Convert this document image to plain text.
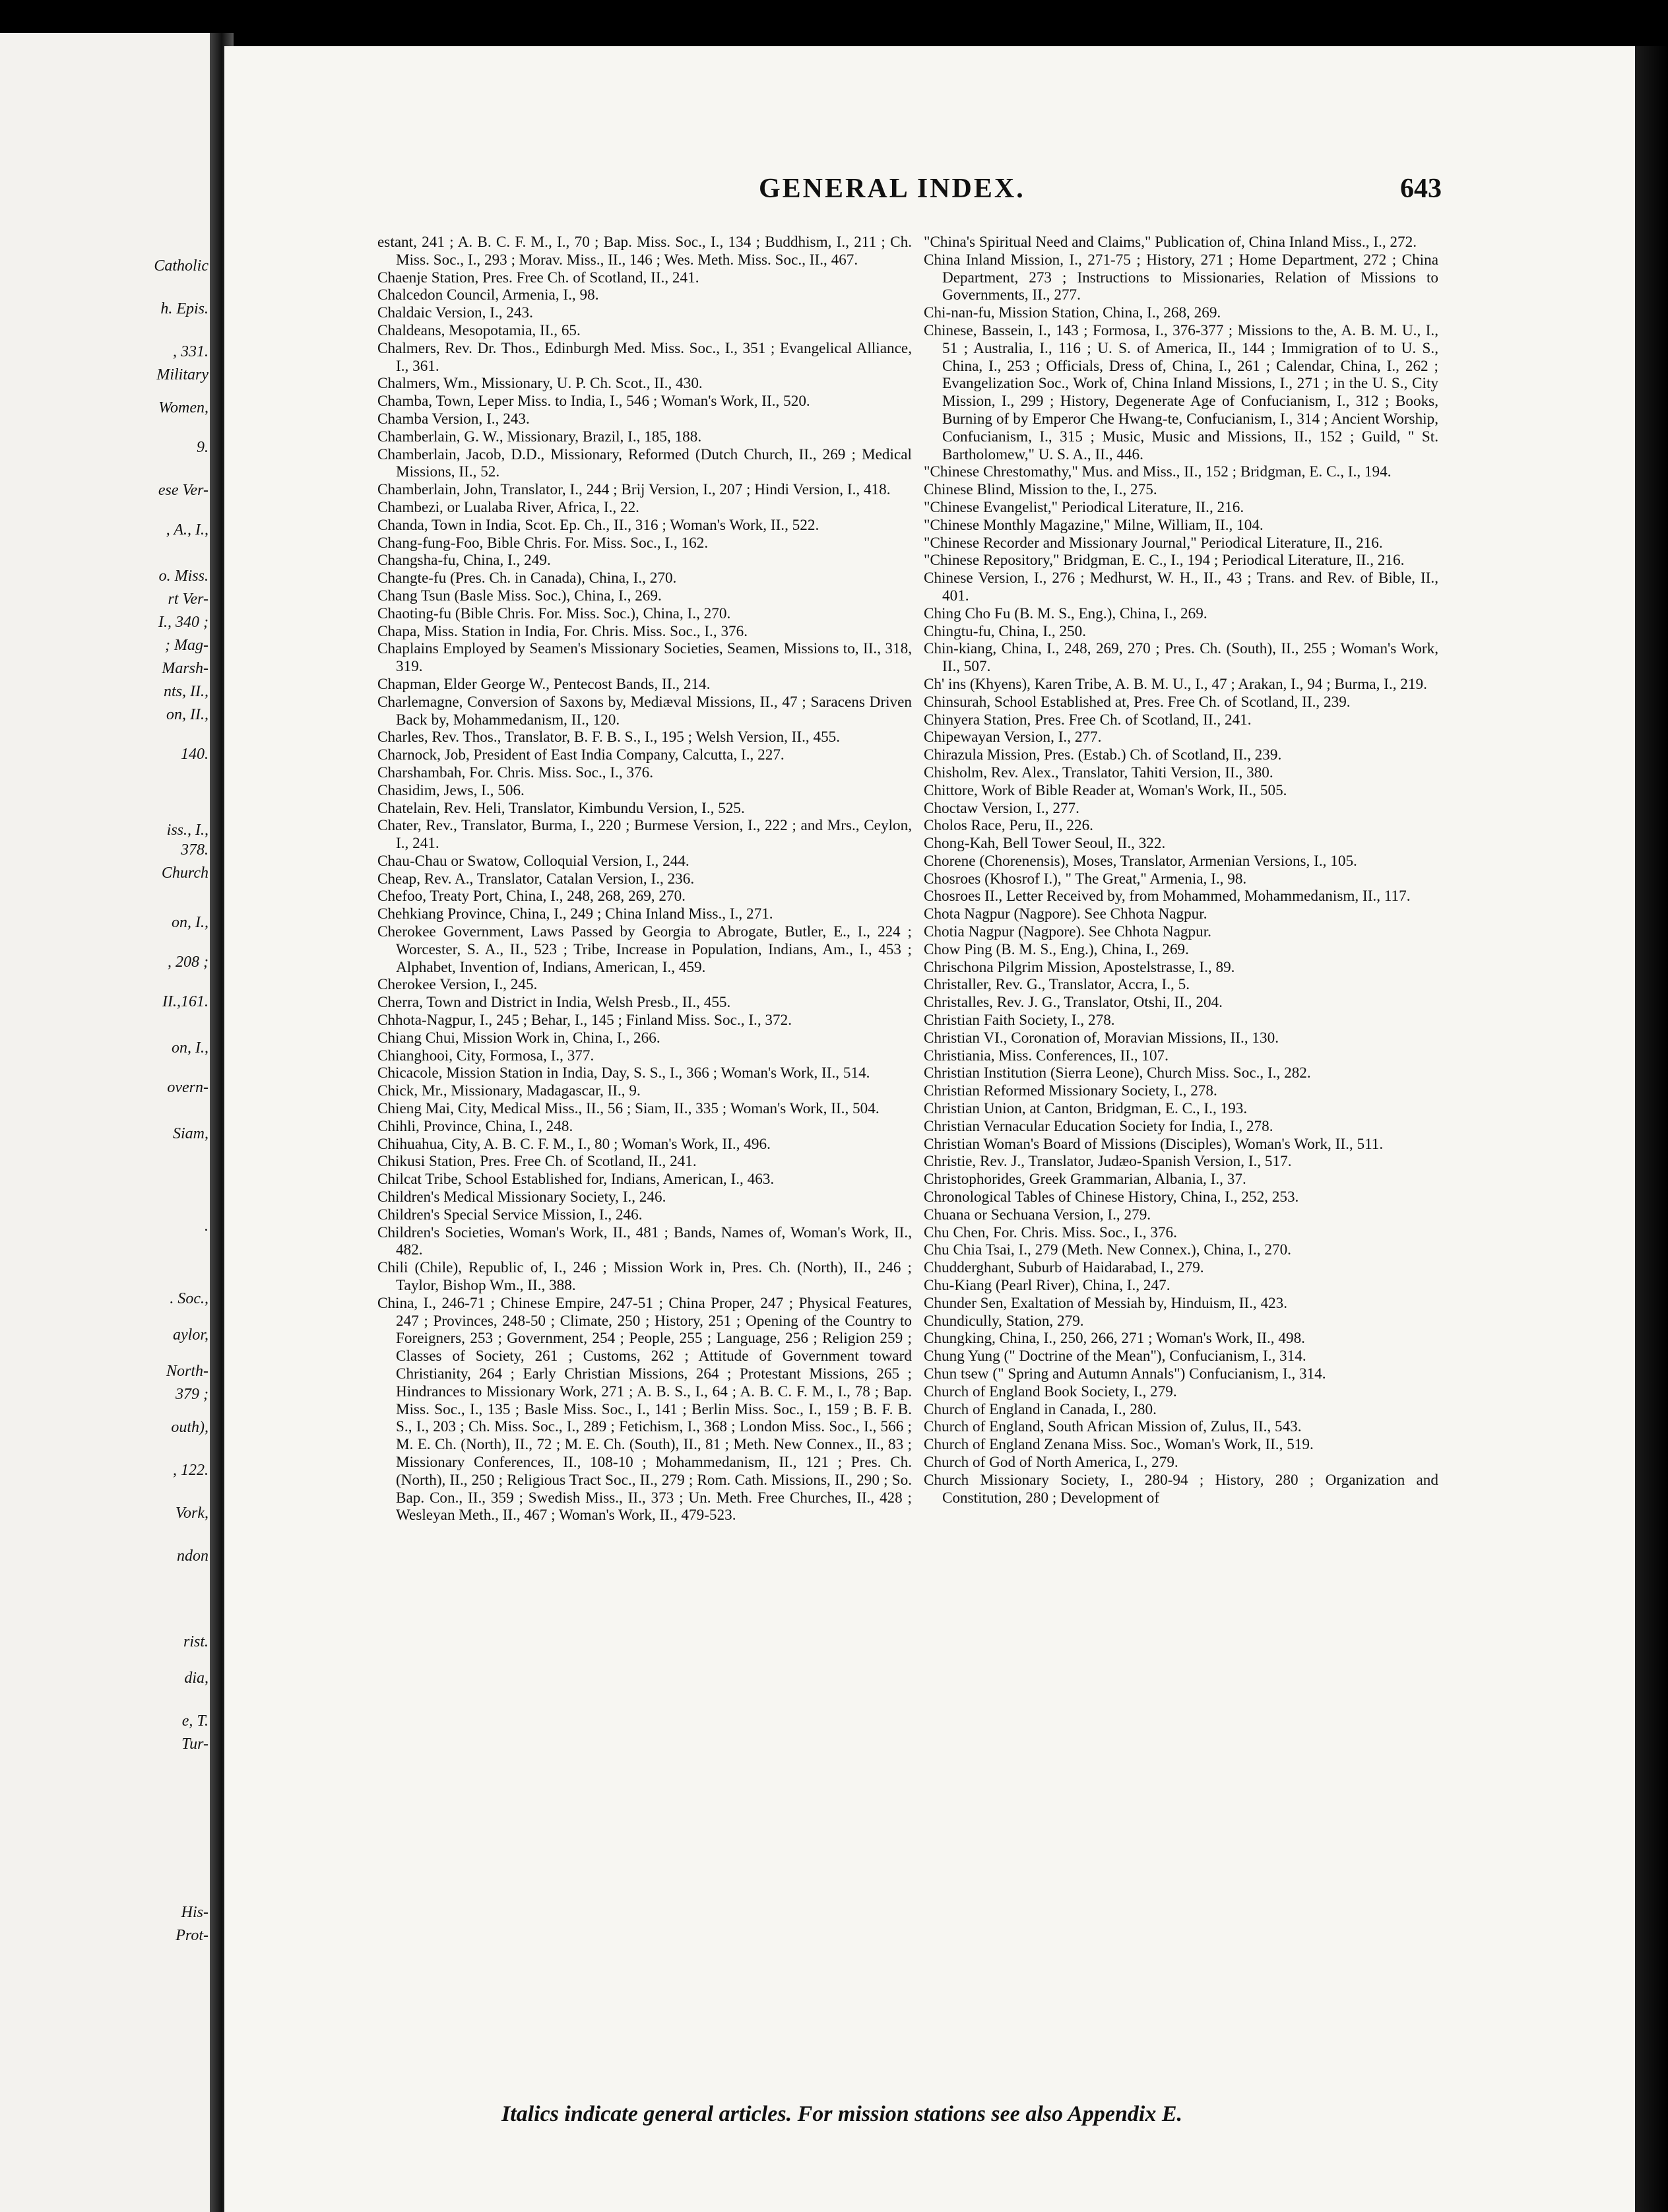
Catholic
h. Epis.
, 331.
Military
Women,
9.
ese Ver-
, A., I.,
o. Miss.
rt Ver-
I., 340 ;
; Mag-
Marsh-
nts, II.,
on, II.,
140.
iss., I.,
378.
Church
on, I.,
, 208 ;
II.,161.
on, I.,
overn-
Siam,
.
. Soc.,
aylor,
North-
379 ;
outh),
, 122.
Vork,
ndon
rist.
dia,
e, T.
Tur-
His-
Prot-
GENERAL INDEX.	643
estant, 241 ; A. B. C. F. M., I., 70 ; Bap. Miss. Soc., I., 134 ; Buddhism, I., 211 ; Ch. Miss. Soc., I., 293 ; Morav. Miss., II., 146 ; Wes. Meth. Miss. Soc., II., 467.
Chaenje Station, Pres. Free Ch. of Scotland, II., 241.
Chalcedon Council, Armenia, I., 98.
Chaldaic Version, I., 243.
Chaldeans, Mesopotamia, II., 65.
Chalmers, Rev. Dr. Thos., Edinburgh Med. Miss. Soc., I., 351 ; Evangelical Alliance, I., 361.
Chalmers, Wm., Missionary, U. P. Ch. Scot., II., 430.
Chamba, Town, Leper Miss. to India, I., 546 ; Woman's Work, II., 520.
Chamba Version, I., 243.
Chamberlain, G. W., Missionary, Brazil, I., 185, 188.
Chamberlain, Jacob, D.D., Missionary, Reformed (Dutch Church, II., 269 ; Medical Missions, II., 52.
Chamberlain, John, Translator, I., 244 ; Brij Version, I., 207 ; Hindi Version, I., 418.
Chambezi, or Lualaba River, Africa, I., 22.
Chanda, Town in India, Scot. Ep. Ch., II., 316 ; Woman's Work, II., 522.
Chang-fung-Foo, Bible Chris. For. Miss. Soc., I., 162.
Changsha-fu, China, I., 249.
Changte-fu (Pres. Ch. in Canada), China, I., 270.
Chang Tsun (Basle Miss. Soc.), China, I., 269.
Chaoting-fu (Bible Chris. For. Miss. Soc.), China, I., 270.
Chapa, Miss. Station in India, For. Chris. Miss. Soc., I., 376.
Chaplains Employed by Seamen's Missionary Societies, Seamen, Missions to, II., 318, 319.
Chapman, Elder George W., Pentecost Bands, II., 214.
Charlemagne, Conversion of Saxons by, Mediæval Missions, II., 47 ; Saracens Driven Back by, Mohammedanism, II., 120.
Charles, Rev. Thos., Translator, B. F. B. S., I., 195 ; Welsh Version, II., 455.
Charnock, Job, President of East India Company, Calcutta, I., 227.
Charshambah, For. Chris. Miss. Soc., I., 376.
Chasidim, Jews, I., 506.
Chatelain, Rev. Heli, Translator, Kimbundu Version, I., 525.
Chater, Rev., Translator, Burma, I., 220 ; Burmese Version, I., 222 ; and Mrs., Ceylon, I., 241.
Chau-Chau or Swatow, Colloquial Version, I., 244.
Cheap, Rev. A., Translator, Catalan Version, I., 236.
Chefoo, Treaty Port, China, I., 248, 268, 269, 270.
Chehkiang Province, China, I., 249 ; China Inland Miss., I., 271.
Cherokee Government, Laws Passed by Georgia to Abrogate, Butler, E., I., 224 ; Worcester, S. A., II., 523 ; Tribe, Increase in Population, Indians, Am., I., 453 ; Alphabet, Invention of, Indians, American, I., 459.
Cherokee Version, I., 245.
Cherra, Town and District in India, Welsh Presb., II., 455.
Chhota-Nagpur, I., 245 ; Behar, I., 145 ; Finland Miss. Soc., I., 372.
Chiang Chui, Mission Work in, China, I., 266.
Chianghooi, City, Formosa, I., 377.
Chicacole, Mission Station in India, Day, S. S., I., 366 ; Woman's Work, II., 514.
Chick, Mr., Missionary, Madagascar, II., 9.
Chieng Mai, City, Medical Miss., II., 56 ; Siam, II., 335 ; Woman's Work, II., 504.
Chihli, Province, China, I., 248.
Chihuahua, City, A. B. C. F. M., I., 80 ; Woman's Work, II., 496.
Chikusi Station, Pres. Free Ch. of Scotland, II., 241.
Chilcat Tribe, School Established for, Indians, American, I., 463.
Children's Medical Missionary Society, I., 246.
Children's Special Service Mission, I., 246.
Children's Societies, Woman's Work, II., 481 ; Bands, Names of, Woman's Work, II., 482.
Chili (Chile), Republic of, I., 246 ; Mission Work in, Pres. Ch. (North), II., 246 ; Taylor, Bishop Wm., II., 388.
China, I., 246-71 ; Chinese Empire, 247-51 ; China Proper, 247 ; Physical Features, 247 ; Provinces, 248-50 ; Climate, 250 ; History, 251 ; Opening of the Country to Foreigners, 253 ; Government, 254 ; People, 255 ; Language, 256 ; Religion 259 ; Classes of Society, 261 ; Customs, 262 ; Attitude of Government toward Christianity, 264 ; Early Christian Missions, 264 ; Protestant Missions, 265 ; Hindrances to Missionary Work, 271 ; A. B. S., I., 64 ; A. B. C. F. M., I., 78 ; Bap. Miss. Soc., I., 135 ; Basle Miss. Soc., I., 141 ; Berlin Miss. Soc., I., 159 ; B. F. B. S., I., 203 ; Ch. Miss. Soc., I., 289 ; Fetichism, I., 368 ; London Miss. Soc., I., 566 ; M. E. Ch. (North), II., 72 ; M. E. Ch. (South), II., 81 ; Meth. New Connex., II., 83 ; Missionary Conferences, II., 108-10 ; Mohammedanism, II., 121 ; Pres. Ch. (North), II., 250 ; Religious Tract Soc., II., 279 ; Rom. Cath. Missions, II., 290 ; So. Bap. Con., II., 359 ; Swedish Miss., II., 373 ; Un. Meth. Free Churches, II., 428 ; Wesleyan Meth., II., 467 ; Woman's Work, II., 479-523.
"China's Spiritual Need and Claims," Publication of, China Inland Miss., I., 272.
China Inland Mission, I., 271-75 ; History, 271 ; Home Department, 272 ; China Department, 273 ; Instructions to Missionaries, Relation of Missions to Governments, II., 277.
Chi-nan-fu, Mission Station, China, I., 268, 269.
Chinese, Bassein, I., 143 ; Formosa, I., 376-377 ; Missions to the, A. B. M. U., I., 51 ; Australia, I., 116 ; U. S. of America, II., 144 ; Immigration of to U. S., China, I., 253 ; Officials, Dress of, China, I., 261 ; Calendar, China, I., 262 ; Evangelization Soc., Work of, China Inland Missions, I., 271 ; in the U. S., City Mission, I., 299 ; History, Degenerate Age of Confucianism, I., 312 ; Books, Burning of by Emperor Che Hwang-te, Confucianism, I., 314 ; Ancient Worship, Confucianism, I., 315 ; Music, Music and Missions, II., 152 ; Guild, " St. Bartholomew," U. S. A., II., 446.
"Chinese Chrestomathy," Mus. and Miss., II., 152 ; Bridgman, E. C., I., 194.
Chinese Blind, Mission to the, I., 275.
"Chinese Evangelist," Periodical Literature, II., 216.
"Chinese Monthly Magazine," Milne, William, II., 104.
"Chinese Recorder and Missionary Journal," Periodical Literature, II., 216.
"Chinese Repository," Bridgman, E. C., I., 194 ; Periodical Literature, II., 216.
Chinese Version, I., 276 ; Medhurst, W. H., II., 43 ; Trans. and Rev. of Bible, II., 401.
Ching Cho Fu (B. M. S., Eng.), China, I., 269.
Chingtu-fu, China, I., 250.
Chin-kiang, China, I., 248, 269, 270 ; Pres. Ch. (South), II., 255 ; Woman's Work, II., 507.
Ch' ins (Khyens), Karen Tribe, A. B. M. U., I., 47 ; Arakan, I., 94 ; Burma, I., 219.
Chinsurah, School Established at, Pres. Free Ch. of Scotland, II., 239.
Chinyera Station, Pres. Free Ch. of Scotland, II., 241.
Chipewayan Version, I., 277.
Chirazula Mission, Pres. (Estab.) Ch. of Scotland, II., 239.
Chisholm, Rev. Alex., Translator, Tahiti Version, II., 380.
Chittore, Work of Bible Reader at, Woman's Work, II., 505.
Choctaw Version, I., 277.
Cholos Race, Peru, II., 226.
Chong-Kah, Bell Tower Seoul, II., 322.
Chorene (Chorenensis), Moses, Translator, Armenian Versions, I., 105.
Chosroes (Khosrof I.), " The Great," Armenia, I., 98.
Chosroes II., Letter Received by, from Mohammed, Mohammedanism, II., 117.
Chota Nagpur (Nagpore). See Chhota Nagpur.
Chotia Nagpur (Nagpore). See Chhota Nagpur.
Chow Ping (B. M. S., Eng.), China, I., 269.
Chrischona Pilgrim Mission, Apostelstrasse, I., 89.
Christaller, Rev. G., Translator, Accra, I., 5.
Christalles, Rev. J. G., Translator, Otshi, II., 204.
Christian Faith Society, I., 278.
Christian VI., Coronation of, Moravian Missions, II., 130.
Christiania, Miss. Conferences, II., 107.
Christian Institution (Sierra Leone), Church Miss. Soc., I., 282.
Christian Reformed Missionary Society, I., 278.
Christian Union, at Canton, Bridgman, E. C., I., 193.
Christian Vernacular Education Society for India, I., 278.
Christian Woman's Board of Missions (Disciples), Woman's Work, II., 511.
Christie, Rev. J., Translator, Judæo-Spanish Version, I., 517.
Christophorides, Greek Grammarian, Albania, I., 37.
Chronological Tables of Chinese History, China, I., 252, 253.
Chuana or Sechuana Version, I., 279.
Chu Chen, For. Chris. Miss. Soc., I., 376.
Chu Chia Tsai, I., 279 (Meth. New Connex.), China, I., 270.
Chudderghant, Suburb of Haidarabad, I., 279.
Chu-Kiang (Pearl River), China, I., 247.
Chunder Sen, Exaltation of Messiah by, Hinduism, II., 423.
Chundicully, Station, 279.
Chungking, China, I., 250, 266, 271 ; Woman's Work, II., 498.
Chung Yung (" Doctrine of the Mean"), Confucianism, I., 314.
Chun tsew (" Spring and Autumn Annals") Confucianism, I., 314.
Church of England Book Society, I., 279.
Church of England in Canada, I., 280.
Church of England, South African Mission of, Zulus, II., 543.
Church of England Zenana Miss. Soc., Woman's Work, II., 519.
Church of God of North America, I., 279.
Church Missionary Society, I., 280-94 ; History, 280 ; Organization and Constitution, 280 ; Development of
Italics indicate general articles. For mission stations see also Appendix E.
